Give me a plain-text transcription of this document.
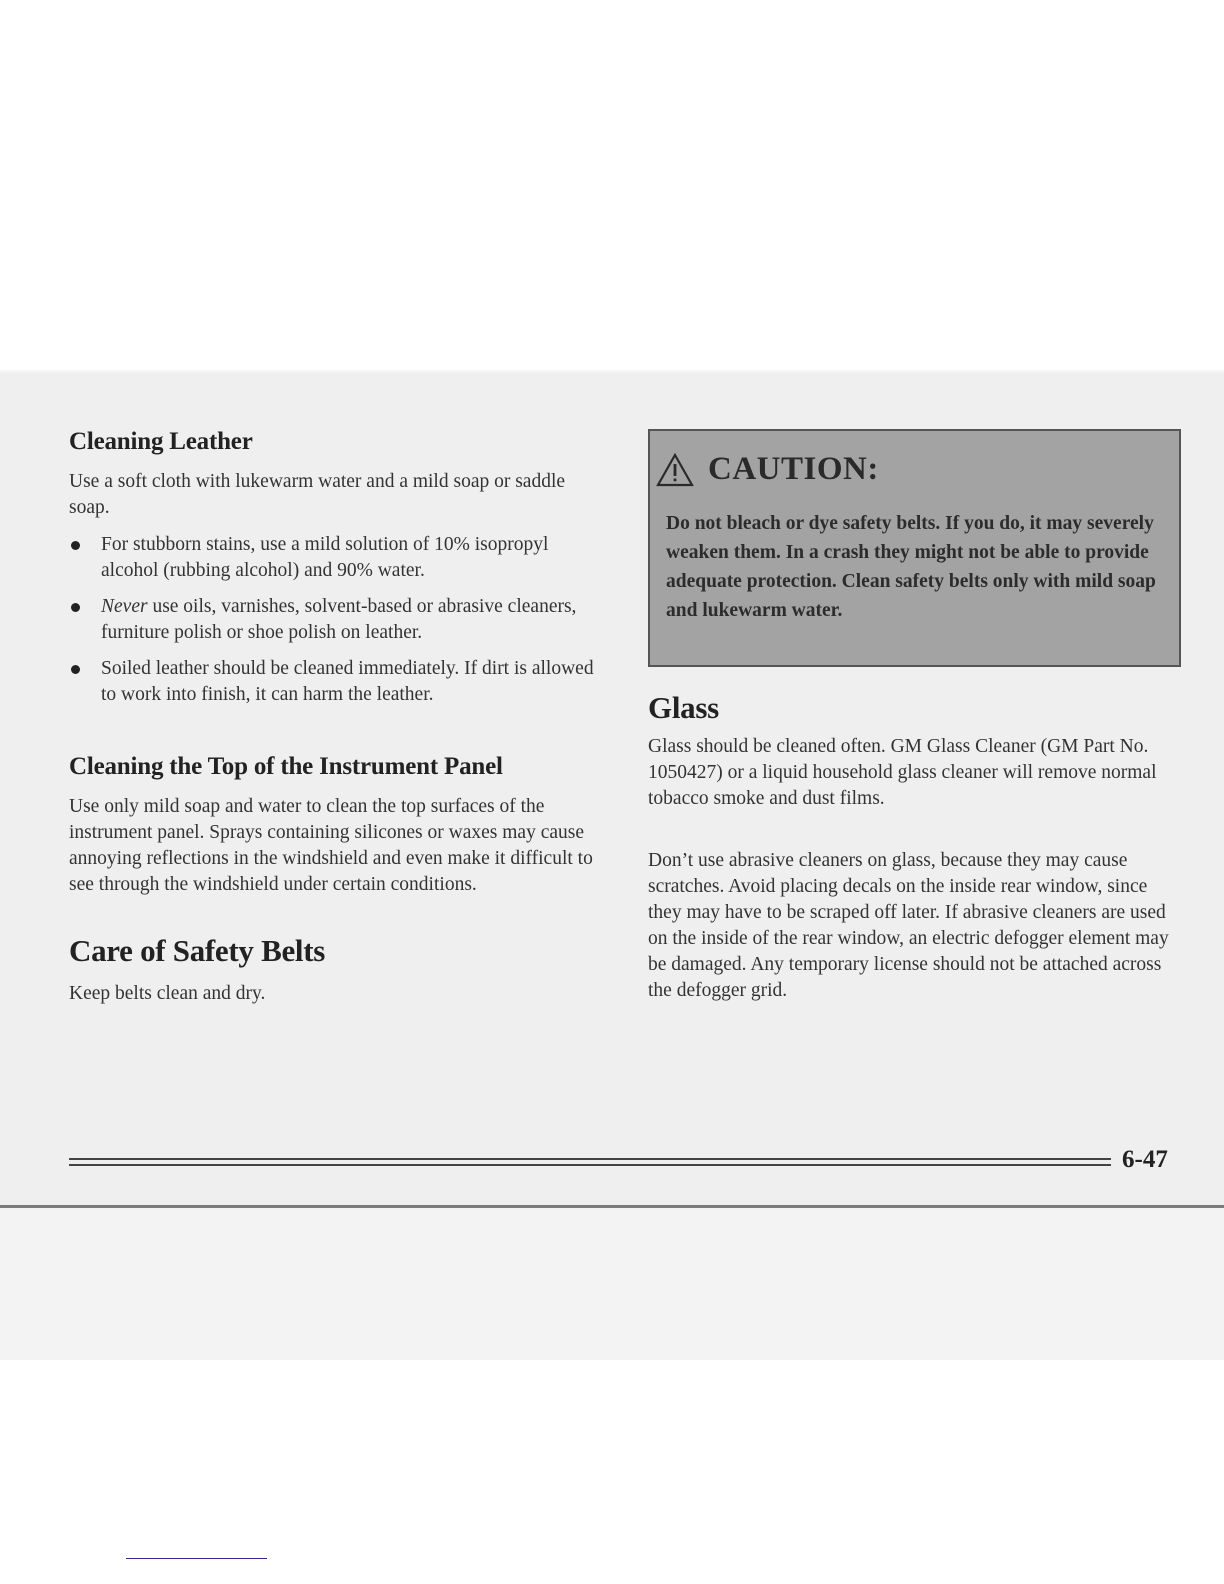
Cleaning Leather

Use a soft cloth with lukewarm water and a mild soap or saddle soap.

For stubborn stains, use a mild solution of 10% isopropyl alcohol (rubbing alcohol) and 90% water.
Never use oils, varnishes, solvent-based or abrasive cleaners, furniture polish or shoe polish on leather.
Soiled leather should be cleaned immediately. If dirt is allowed to work into finish, it can harm the leather.
Cleaning the Top of the Instrument Panel

Use only mild soap and water to clean the top surfaces of the instrument panel. Sprays containing silicones or waxes may cause annoying reflections in the windshield and even make it difficult to see through the windshield under certain conditions.

Care of Safety Belts

Keep belts clean and dry.

CAUTION:
Do not bleach or dye safety belts. If you do, it may severely weaken them. In a crash they might not be able to provide adequate protection. Clean safety belts only with mild soap and lukewarm water.
Glass

Glass should be cleaned often. GM Glass Cleaner (GM Part No. 1050427) or a liquid household glass cleaner will remove normal tobacco smoke and dust films.

Don’t use abrasive cleaners on glass, because they may cause scratches. Avoid placing decals on the inside rear window, since they may have to be scraped off later. If abrasive cleaners are used on the inside of the rear window, an electric defogger element may be damaged. Any temporary license should not be attached across the defogger grid.

6-47
